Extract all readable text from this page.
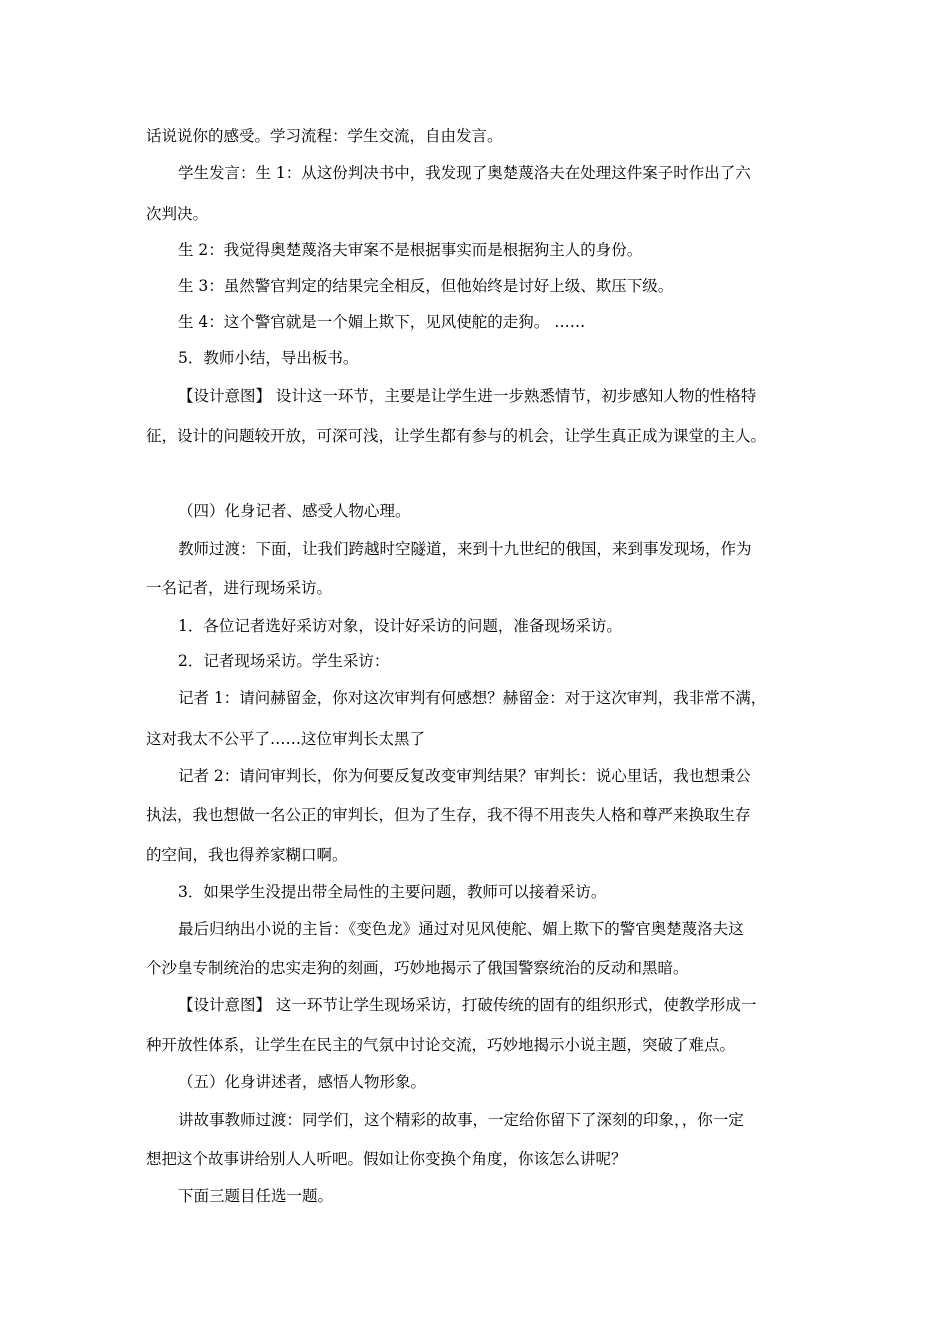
话说说你的感受。学习流程：学生交流，自由发言。
学生发言：生 1：从这份判决书中，我发现了奥楚蔑洛夫在处理这件案子时作出了六
次判决。
生 2：我觉得奥楚蔑洛夫审案不是根据事实而是根据狗主人的身份。
生 3：虽然警官判定的结果完全相反，但他始终是讨好上级、欺压下级。
生 4：这个警官就是一个媚上欺下，见风使舵的走狗。 ……
5．教师小结，导出板书。
【设计意图】 设计这一环节，主要是让学生进一步熟悉情节，初步感知人物的性格特
征，设计的问题较开放，可深可浅，让学生都有参与的机会，让学生真正成为课堂的主人。
（四）化身记者、感受人物心理。
教师过渡：下面，让我们跨越时空隧道，来到十九世纪的俄国，来到事发现场，作为
一名记者，进行现场采访。
1．各位记者选好采访对象，设计好采访的问题，准备现场采访。
2．记者现场采访。学生采访：
记者 1：请问赫留金，你对这次审判有何感想？赫留金：对于这次审判，我非常不满，
这对我太不公平了……这位审判长太黑了
记者 2：请问审判长，你为何要反复改变审判结果？审判长：说心里话，我也想秉公
执法，我也想做一名公正的审判长，但为了生存，我不得不用丧失人格和尊严来换取生存
的空间，我也得养家糊口啊。
3．如果学生没提出带全局性的主要问题，教师可以接着采访。
最后归纳出小说的主旨：《变色龙》通过对见风使舵、媚上欺下的警官奥楚蔑洛夫这
个沙皇专制统治的忠实走狗的刻画，巧妙地揭示了俄国警察统治的反动和黑暗。
【设计意图】 这一环节让学生现场采访，打破传统的固有的组织形式，使教学形成一
种开放性体系，让学生在民主的气氛中讨论交流，巧妙地揭示小说主题，突破了难点。
（五）化身讲述者，感悟人物形象。
讲故事教师过渡：同学们，这个精彩的故事，一定给你留下了深刻的印象，，你一定
想把这个故事讲给别人人听吧。假如让你变换个角度，你该怎么讲呢？
下面三题目任选一题。
